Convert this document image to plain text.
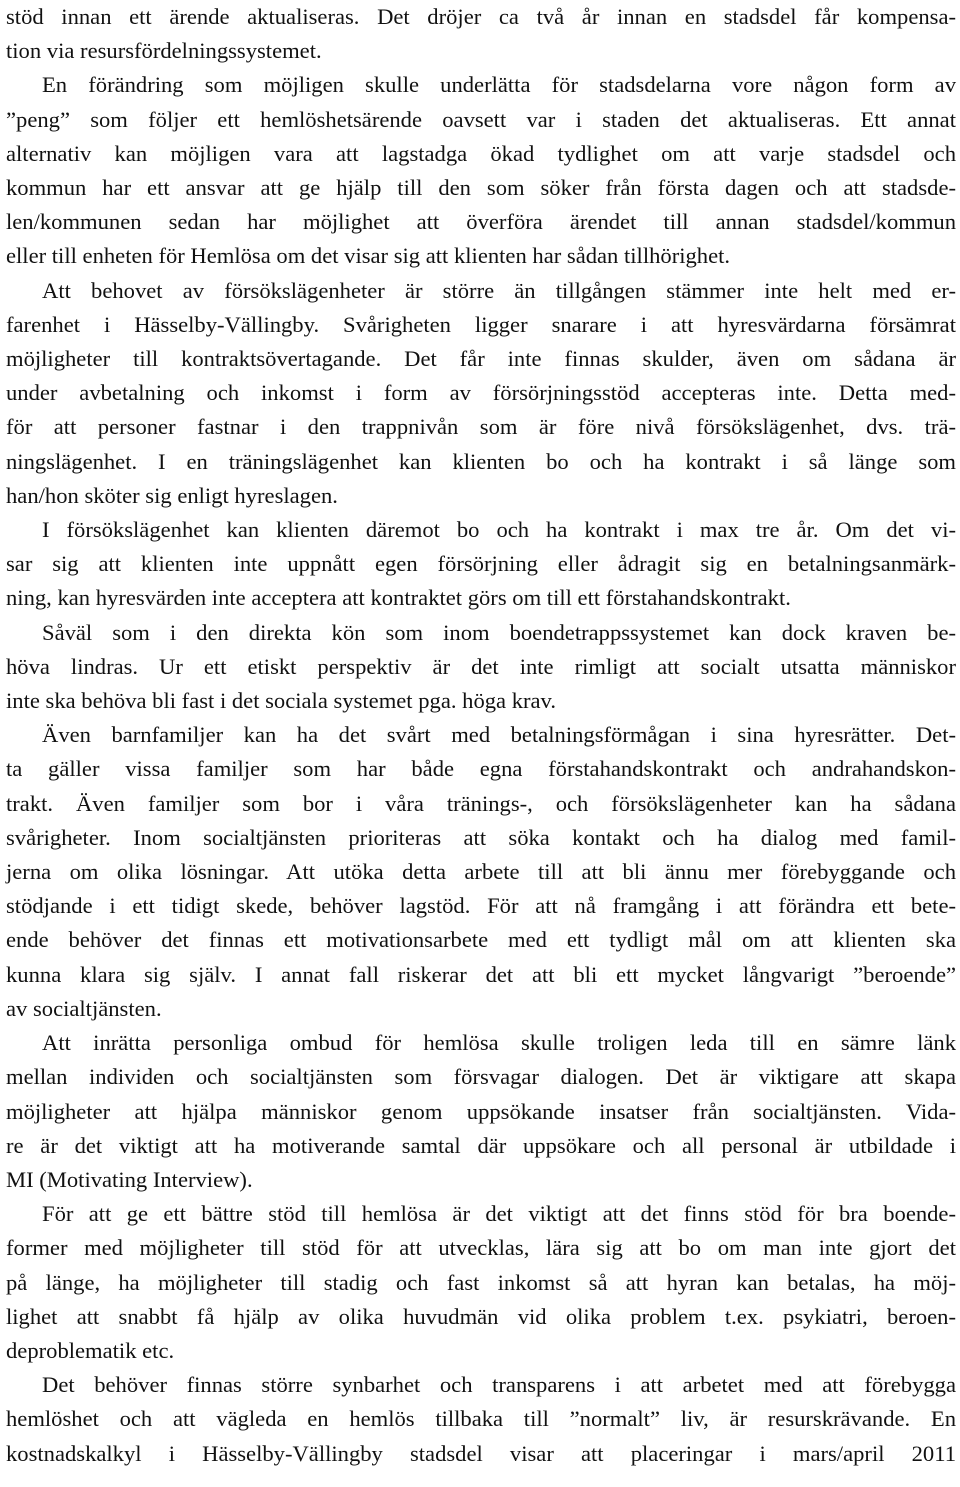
stöd innan ett ärende aktualiseras. Det dröjer ca två år innan en stadsdel får kompensa-
tion via resursfördelningssystemet.

En förändring som möjligen skulle underlätta för stadsdelarna vore någon form av
”peng” som följer ett hemlöshetsärende oavsett var i staden det aktualiseras. Ett annat
alternativ kan möjligen vara att lagstadga ökad tydlighet om att varje stadsdel och
kommun har ett ansvar att ge hjälp till den som söker från första dagen och att stadsde-
len/kommunen sedan har möjlighet att överföra ärendet till annan stadsdel/kommun
eller till enheten för Hemlösa om det visar sig att klienten har sådan tillhörighet.

Att behovet av försökslägenheter är större än tillgången stämmer inte helt med er-
farenhet i Hässelby-Vällingby. Svårigheten ligger snarare i att hyresvärdarna försämrat
möjligheter till kontraktsövertagande. Det får inte finnas skulder, även om sådana är
under avbetalning och inkomst i form av försörjningsstöd accepteras inte. Detta med-
för att personer fastnar i den trappnivån som är före nivå försökslägenhet, dvs. trä-
ningslägenhet. I en träningslägenhet kan klienten bo och ha kontrakt i så länge som
han/hon sköter sig enligt hyreslagen.

I försökslägenhet kan klienten däremot bo och ha kontrakt i max tre år. Om det vi-
sar sig att klienten inte uppnått egen försörjning eller ådragit sig en betalningsanmärk-
ning, kan hyresvärden inte acceptera att kontraktet görs om till ett förstahandskontrakt.

Såväl som i den direkta kön som inom boendetrappssystemet kan dock kraven be-
höva lindras. Ur ett etiskt perspektiv är det inte rimligt att socialt utsatta människor
inte ska behöva bli fast i det sociala systemet pga. höga krav.

Även barnfamiljer kan ha det svårt med betalningsförmågan i sina hyresrätter. Det-
ta gäller vissa familjer som har både egna förstahandskontrakt och andrahandskon-
trakt. Även familjer som bor i våra tränings-, och försökslägenheter kan ha sådana
svårigheter. Inom socialtjänsten prioriteras att söka kontakt och ha dialog med famil-
jerna om olika lösningar. Att utöka detta arbete till att bli ännu mer förebyggande och
stödjande i ett tidigt skede, behöver lagstöd. För att nå framgång i att förändra ett bete-
ende behöver det finnas ett motivationsarbete med ett tydligt mål om att klienten ska
kunna klara sig själv. I annat fall riskerar det att bli ett mycket långvarigt ”beroende”
av socialtjänsten.

Att inrätta personliga ombud för hemlösa skulle troligen leda till en sämre länk
mellan individen och socialtjänsten som försvagar dialogen. Det är viktigare att skapa
möjligheter att hjälpa människor genom uppsökande insatser från socialtjänsten. Vida-
re är det viktigt att ha motiverande samtal där uppsökare och all personal är utbildade i
MI (Motivating Interview).

För att ge ett bättre stöd till hemlösa är det viktigt att det finns stöd för bra boende-
former med möjligheter till stöd för att utvecklas, lära sig att bo om man inte gjort det
på länge, ha möjligheter till stadig och fast inkomst så att hyran kan betalas, ha möj-
lighet att snabbt få hjälp av olika huvudmän vid olika problem t.ex. psykiatri, beroen-
deproblematik etc.

Det behöver finnas större synbarhet och transparens i att arbetet med att förebygga
hemlöshet och att vägleda en hemlös tillbaka till ”normalt” liv, är resurskrävande. En
kostnadskalkyl i Hässelby-Vällingby stadsdel visar att placeringar i mars/april 2011
